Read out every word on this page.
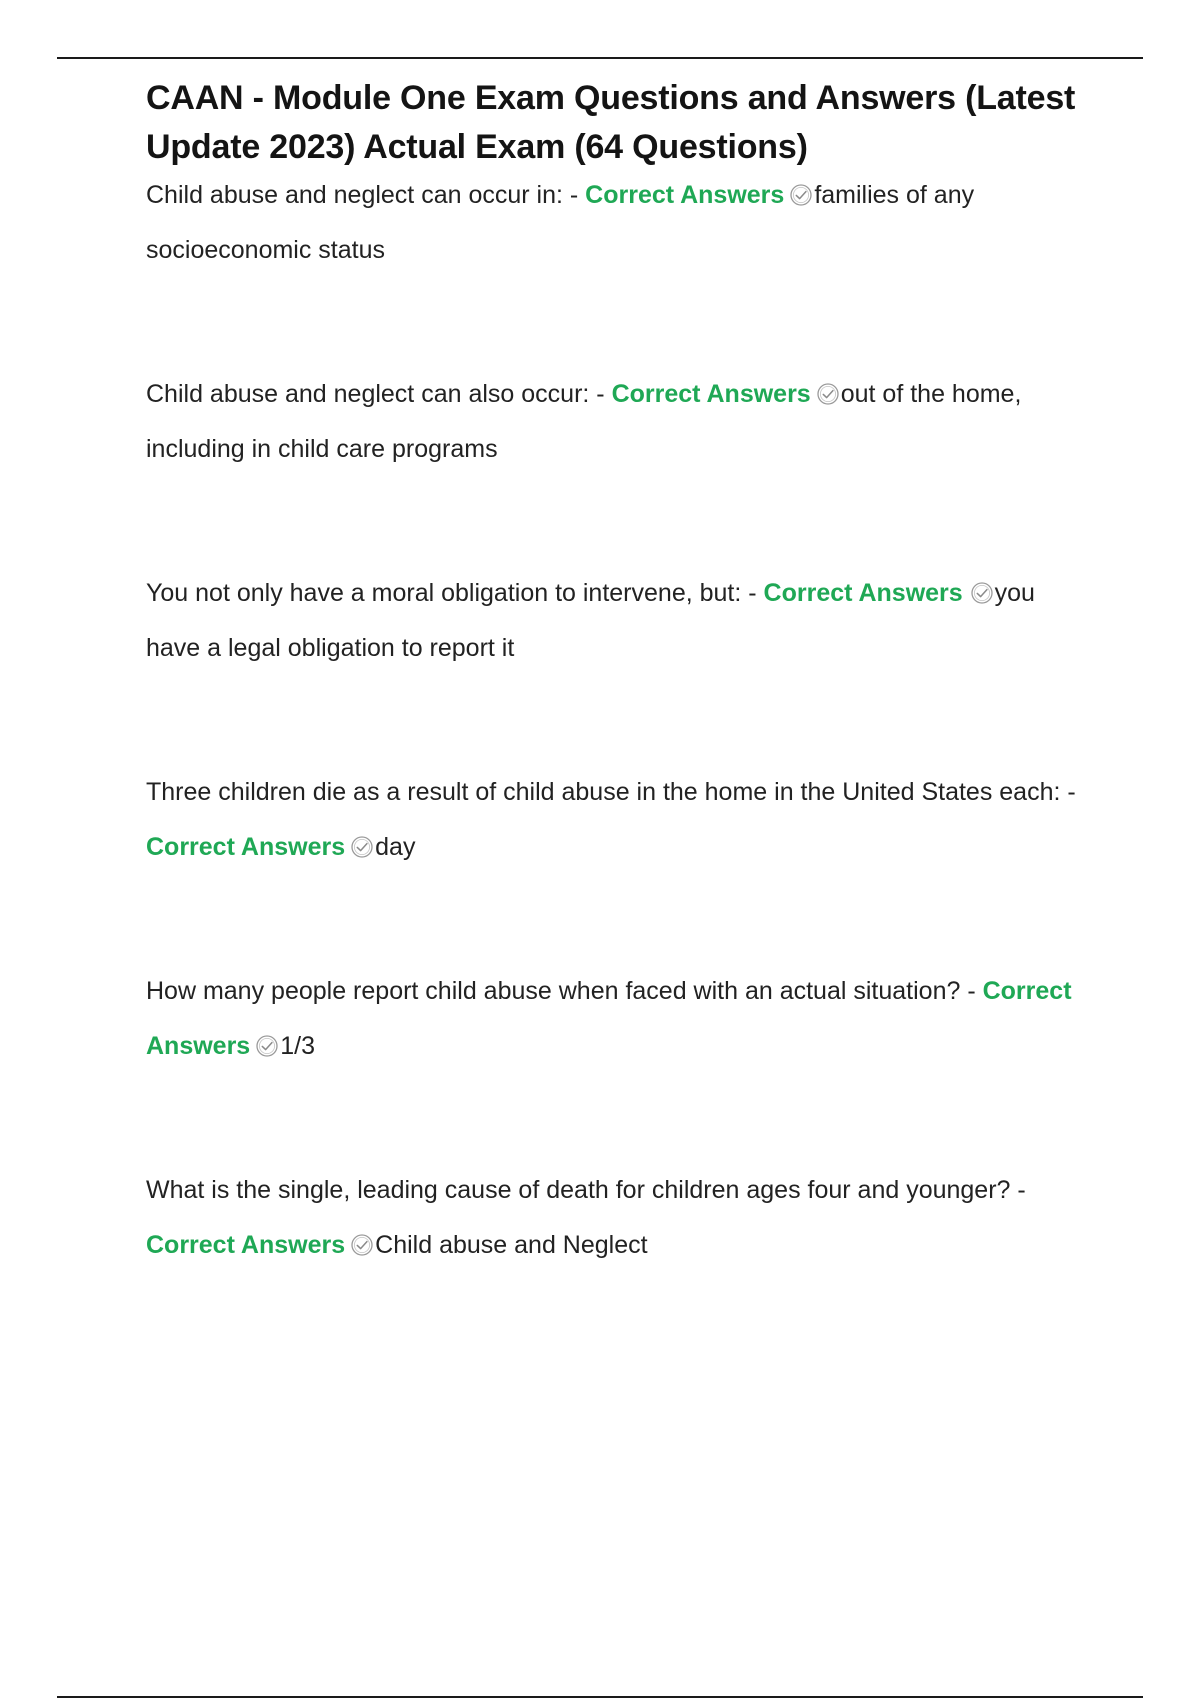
CAAN - Module One Exam Questions and Answers (Latest Update 2023) Actual Exam (64 Questions)

Child abuse and neglect can occur in: - Correct Answers families of any socioeconomic status

Child abuse and neglect can also occur: - Correct Answers out of the home, including in child care programs

You not only have a moral obligation to intervene, but: - Correct Answers you have a legal obligation to report it

Three children die as a result of child abuse in the home in the United States each: - Correct Answers day

How many people report child abuse when faced with an actual situation? - Correct Answers 1/3

What is the single, leading cause of death for children ages four and younger? - Correct Answers Child abuse and Neglect
